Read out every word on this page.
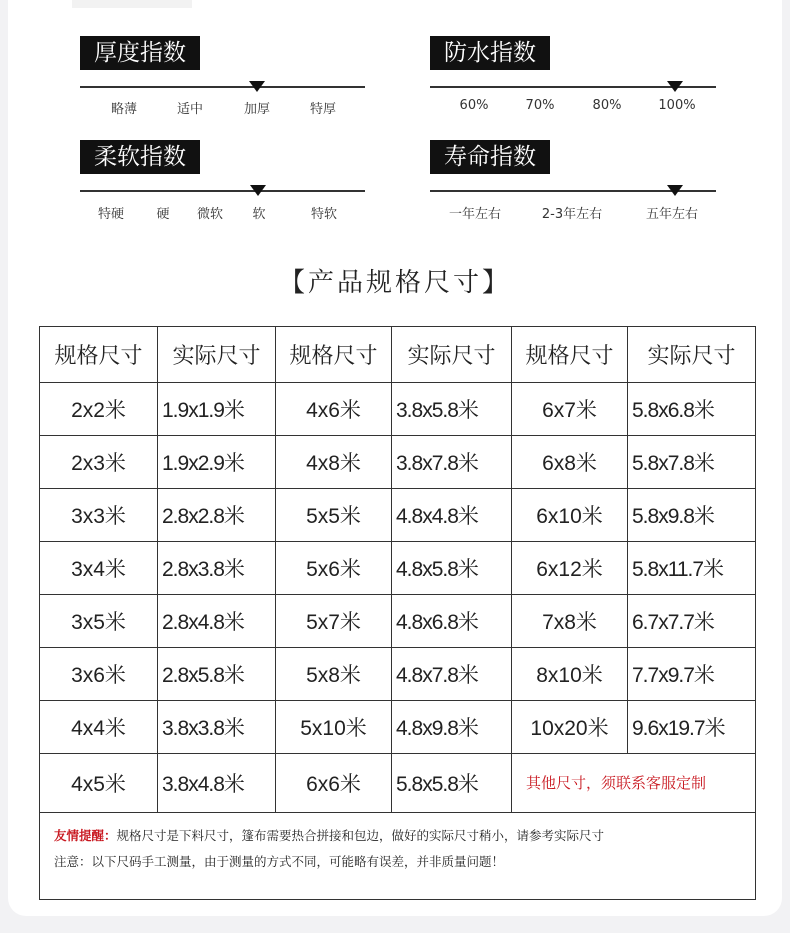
厚度指数
略薄	适中	加厚	特厚
防水指数
60%	70%	80%	100%
柔软指数
特硬 硬 微软 软	特软
寿命指数
一年左右	2-3年左右	五年左右
【产品规格尺寸】
规格尺寸	实际尺寸	规格尺寸	实际尺寸	规格尺寸	实际尺寸
2x2米	1.9x1.9米	4x6米	3.8x5.8米	6x7米	5.8x6.8米
2x3米	1.9x2.9米	4x8米	3.8x7.8米	6x8米	5.8x7.8米
3x3米	2.8x2.8米	5x5米	4.8x4.8米	6x10米	5.8x9.8米
3x4米	2.8x3.8米	5x6米	4.8x5.8米	6x12米	5.8x11.7米
3x5米	2.8x4.8米	5x7米	4.8x6.8米	7x8米	6.7x7.7米
3x6米	2.8x5.8米	5x8米	4.8x7.8米	8x10米	7.7x9.7米
4x4米	3.8x3.8米	5x10米	4.8x9.8米	10x20米	9.6x19.7米
4x5米	3.8x4.8米	6x6米	5.8x5.8米	其他尺寸，须联系客服定制	

友情提醒：规格尺寸是下料尺寸，篷布需要热合拼接和包边，做好的实际尺寸稍小，请参考实际尺寸
注意：以下尺码手工测量，由于测量的方式不同，可能略有误差，并非质量问题！					
